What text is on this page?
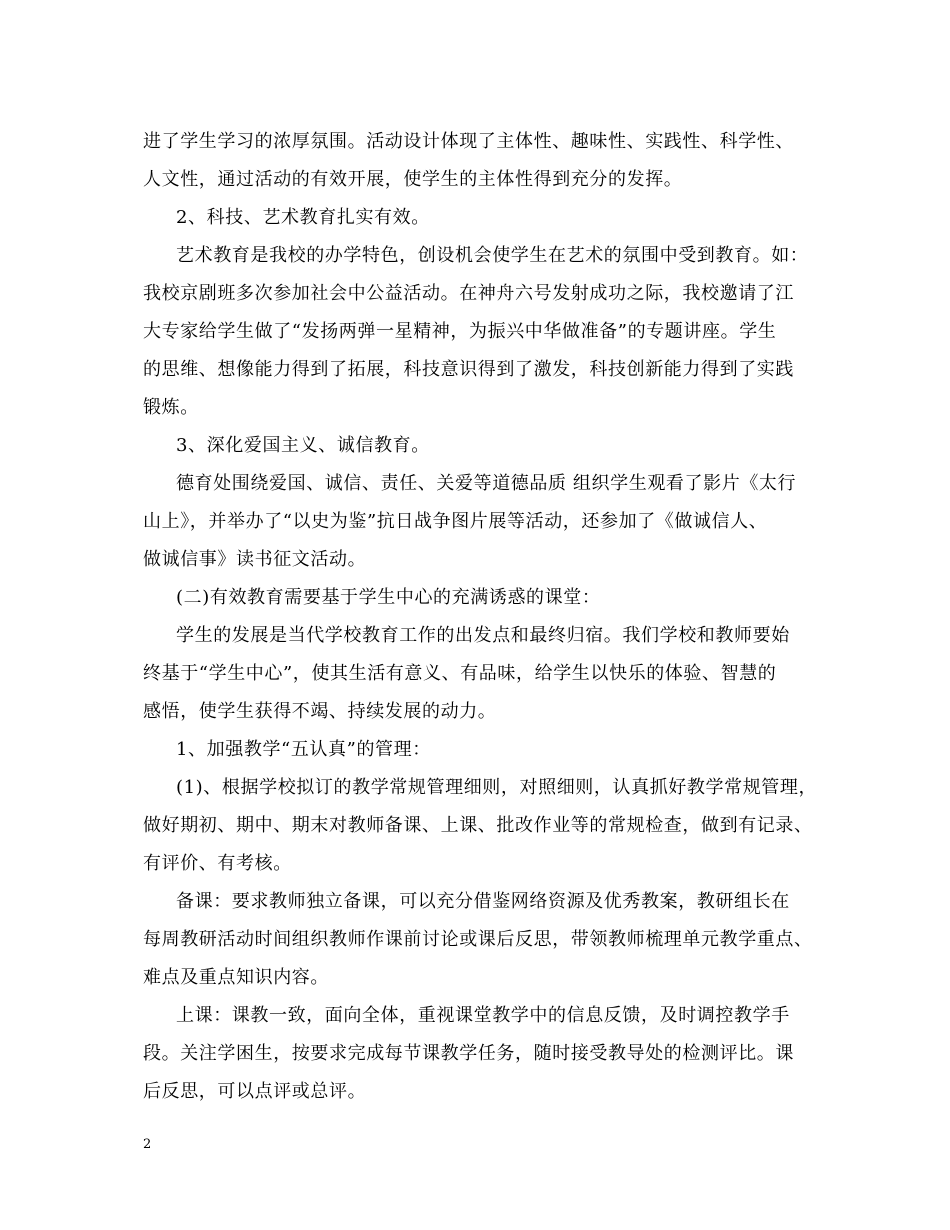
进了学生学习的浓厚氛围。活动设计体现了主体性、趣味性、实践性、科学性、
人文性，通过活动的有效开展，使学生的主体性得到充分的发挥。
2、科技、艺术教育扎实有效。
艺术教育是我校的办学特色，创设机会使学生在艺术的氛围中受到教育。如：
我校京剧班多次参加社会中公益活动。在神舟六号发射成功之际，我校邀请了江
大专家给学生做了“发扬两弹一星精神，为振兴中华做准备”的专题讲座。学生
的思维、想像能力得到了拓展，科技意识得到了激发，科技创新能力得到了实践
锻炼。
3、深化爱国主义、诚信教育。
德育处围绕爱国、诚信、责任、关爱等道德品质 组织学生观看了影片《太行
山上》，并举办了“以史为鉴”抗日战争图片展等活动，还参加了《做诚信人、
做诚信事》读书征文活动。
(二)有效教育需要基于学生中心的充满诱惑的课堂：
学生的发展是当代学校教育工作的出发点和最终归宿。我们学校和教师要始
终基于“学生中心”，使其生活有意义、有品味，给学生以快乐的体验、智慧的
感悟，使学生获得不竭、持续发展的动力。
1、加强教学“五认真”的管理：
(1)、根据学校拟订的教学常规管理细则，对照细则，认真抓好教学常规管理，
做好期初、期中、期末对教师备课、上课、批改作业等的常规检查，做到有记录、
有评价、有考核。
备课：要求教师独立备课，可以充分借鉴网络资源及优秀教案，教研组长在
每周教研活动时间组织教师作课前讨论或课后反思，带领教师梳理单元教学重点、
难点及重点知识内容。
上课：课教一致，面向全体，重视课堂教学中的信息反馈，及时调控教学手
段。关注学困生，按要求完成每节课教学任务，随时接受教导处的检测评比。课
后反思，可以点评或总评。
2
